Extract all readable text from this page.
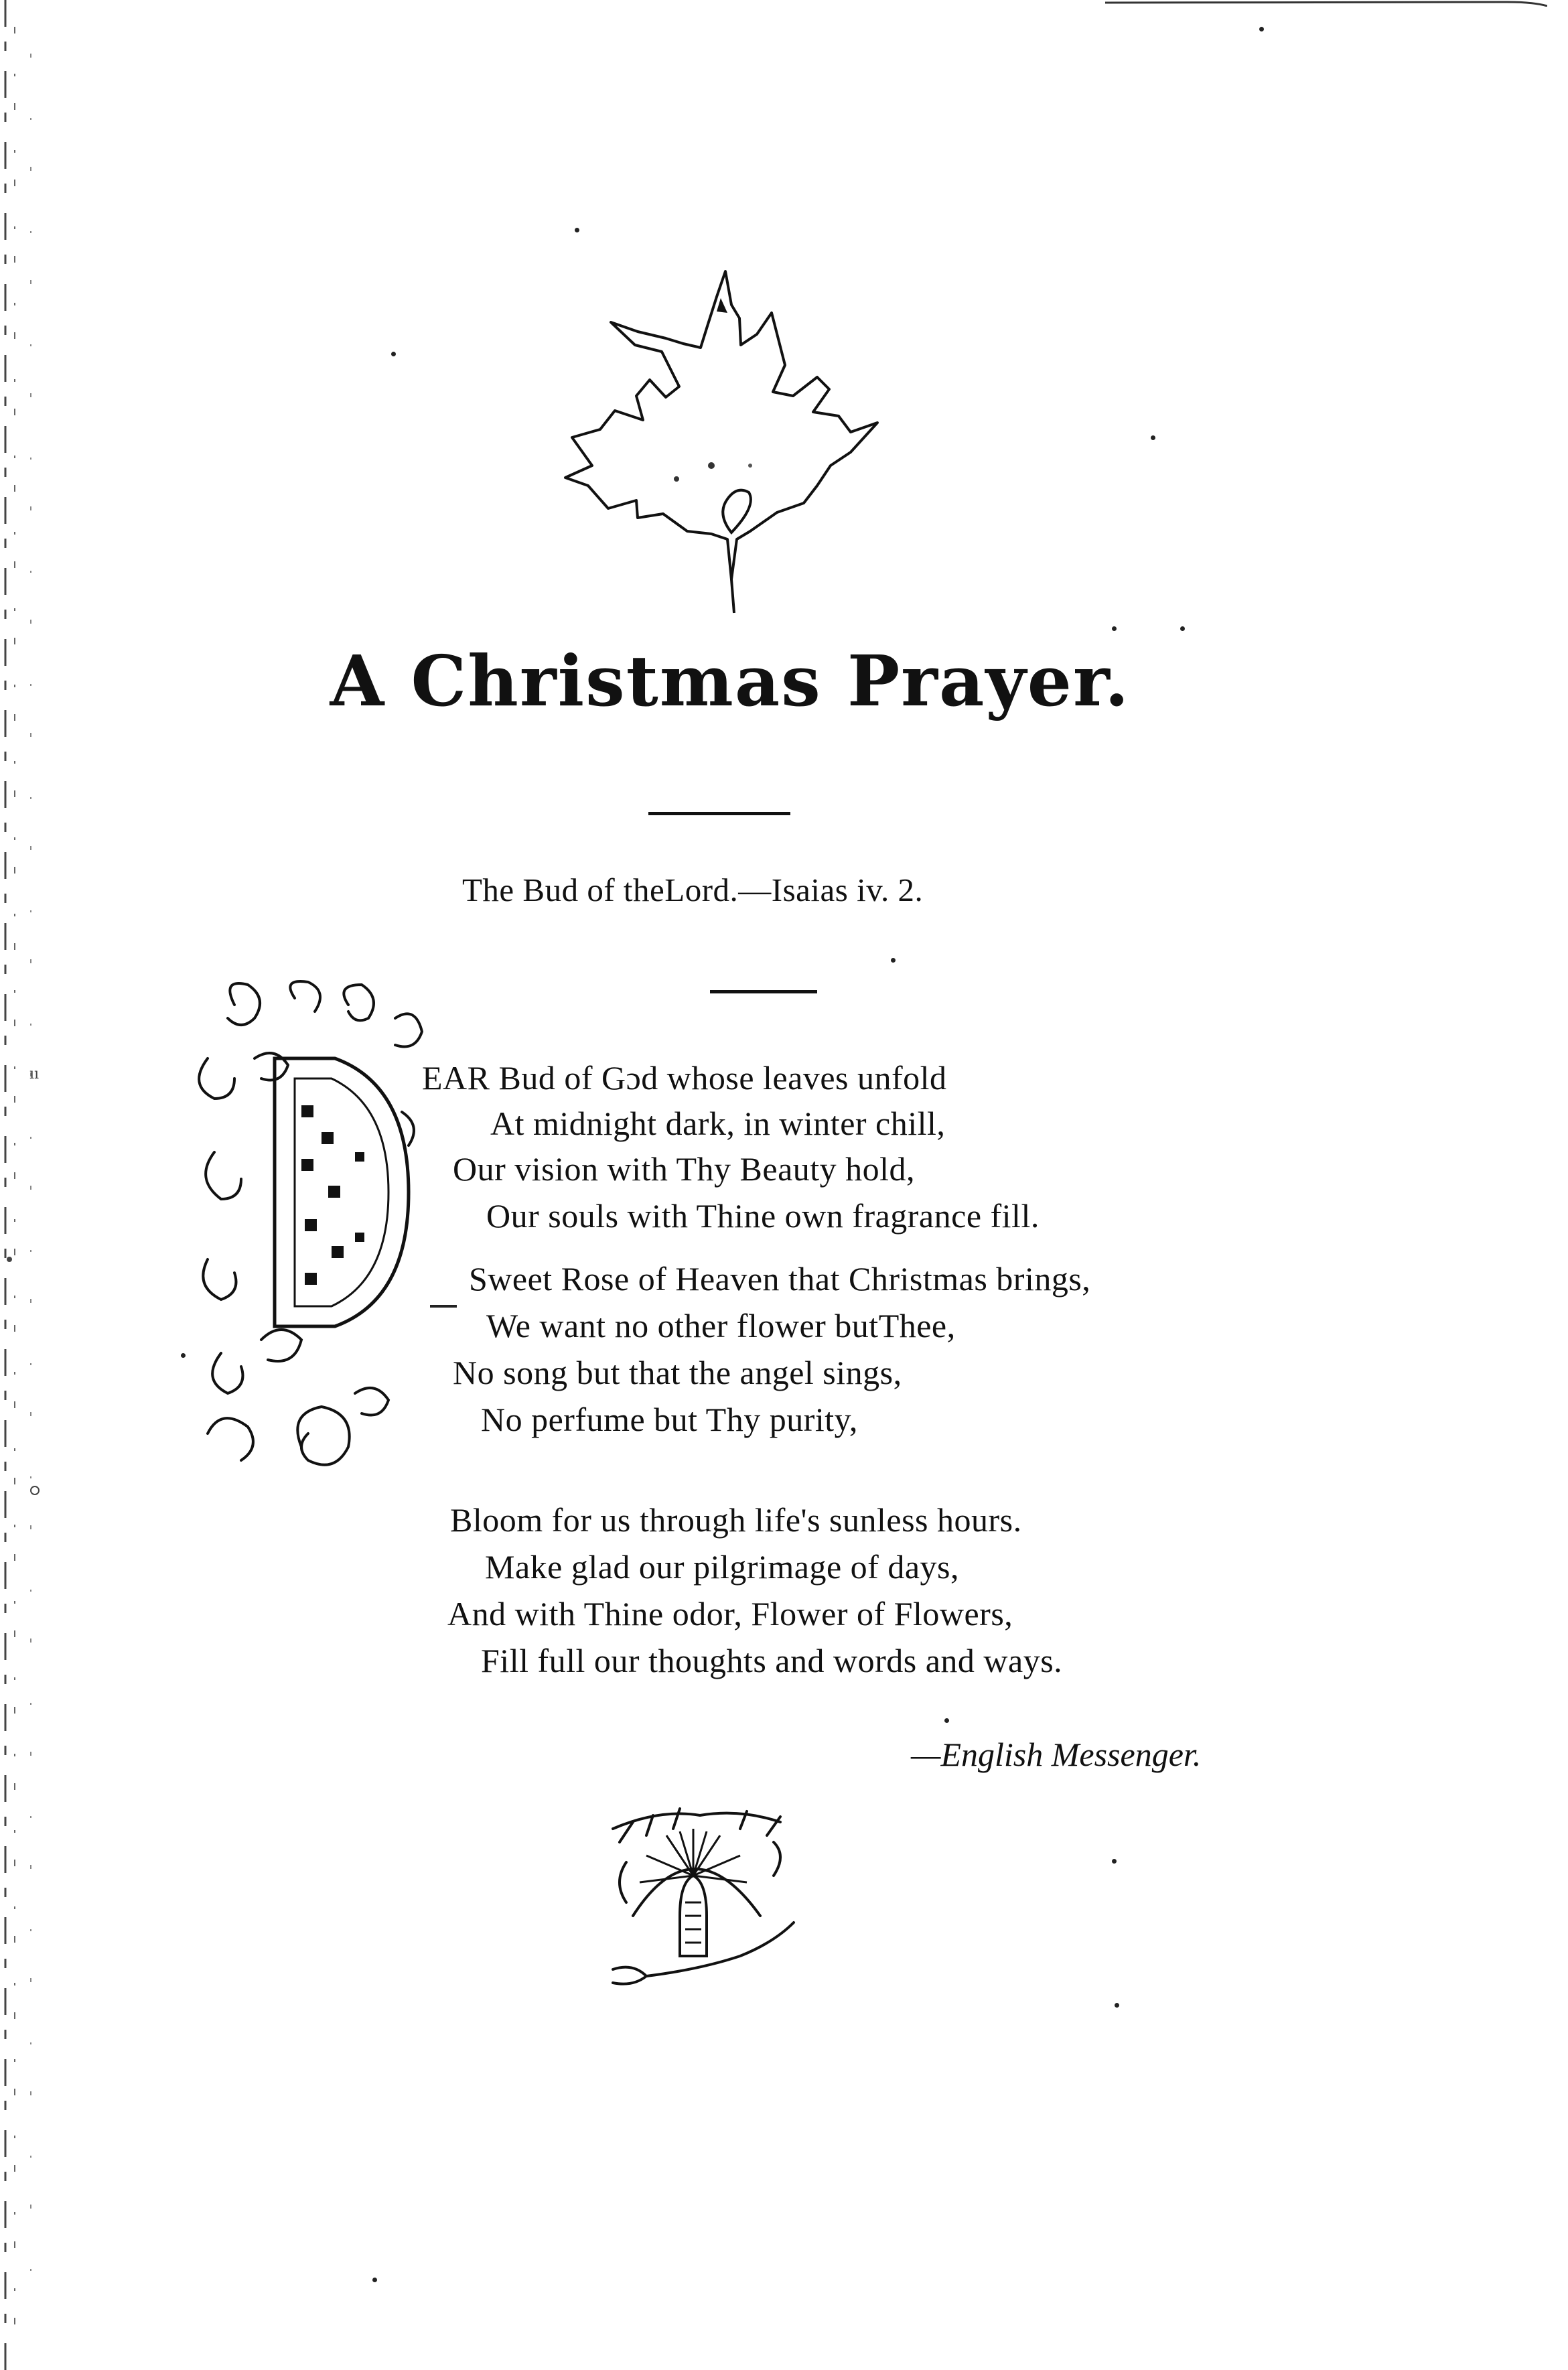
ıı
A Christmas Prayer.
The Bud of theLord.—Isaias iv. 2.
EAR Bud of Gɔd whose leaves unfold
At midnight dark, in winter chill,
Our vision with Thy Beauty hold,
Our souls with Thine own fragrance fill.
Sweet Rose of Heaven that Christmas brings,
We want no other flower butThee,
No song but that the angel sings,
No perfume but Thy purity,
Bloom for us through life's sunless hours.
Make glad our pilgrimage of days,
And with Thine odor, Flower of Flowers,
Fill full our thoughts and words and ways.
—English Messenger.
